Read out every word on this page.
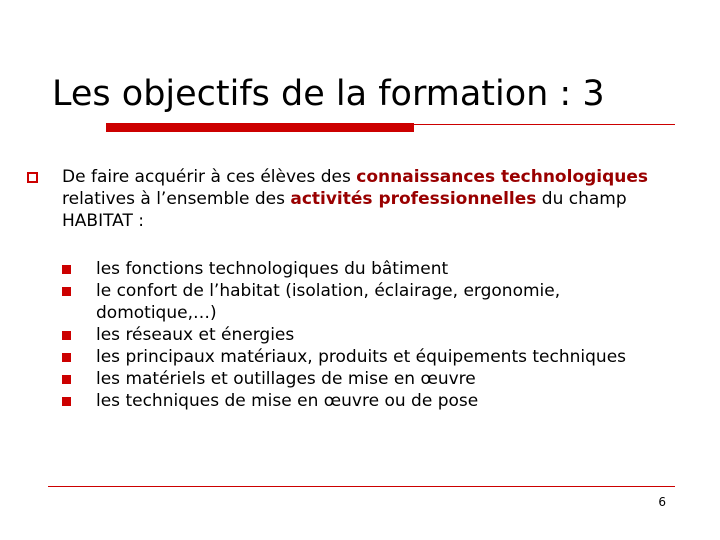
Les objectifs de la formation : 3
De faire acquérir à ces élèves des connaissances technologiques relatives à l’ensemble des activités professionnelles du champ HABITAT :
les fonctions technologiques du bâtiment
le confort de l’habitat (isolation, éclairage, ergonomie, domotique,…)
les réseaux et énergies
les principaux matériaux, produits et équipements techniques
les matériels et outillages de mise en œuvre
les techniques de mise en œuvre ou de pose
6
